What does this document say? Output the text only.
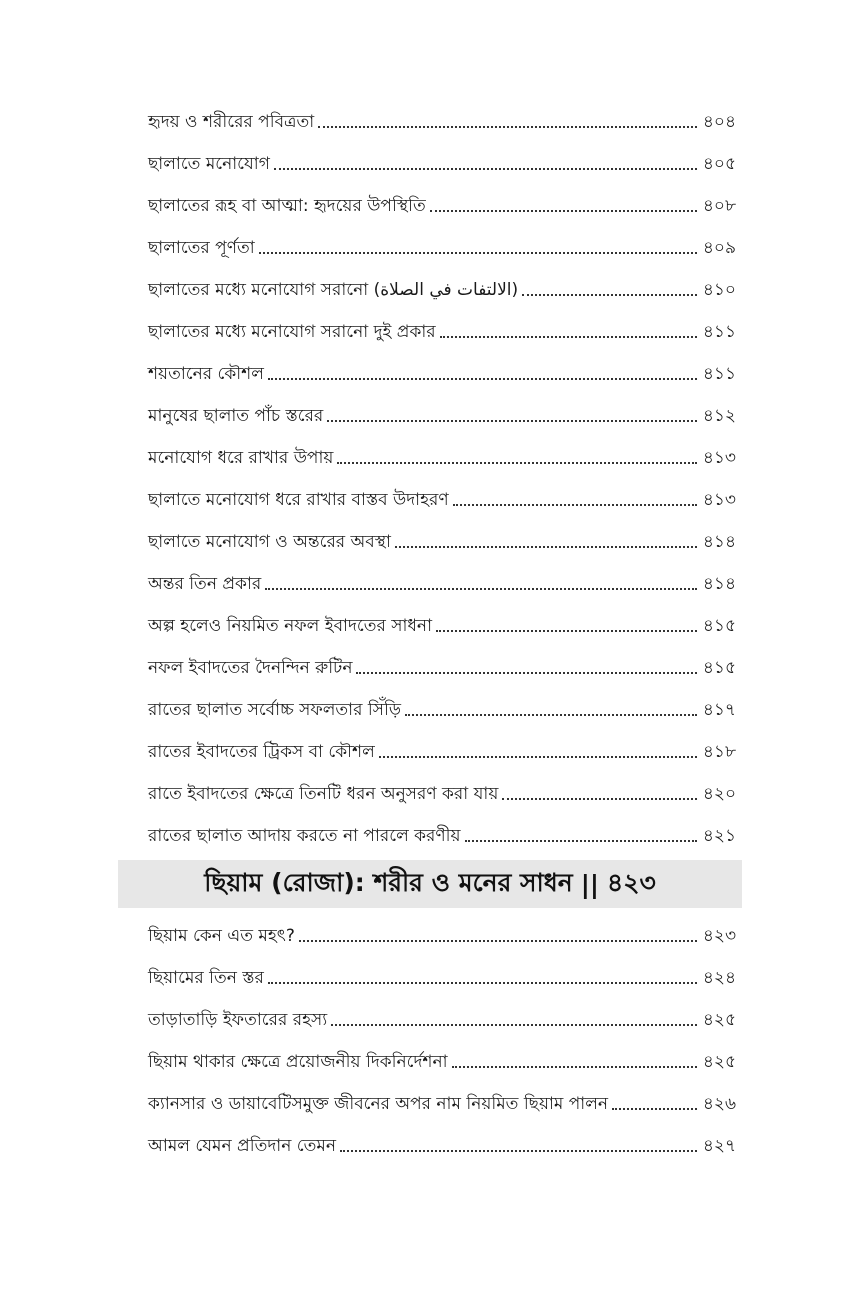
হৃদয় ও শরীরের পবিত্রতা	৪০৪
ছালাতে মনোযোগ	৪০৫
ছালাতের রূহ বা আত্মা: হৃদয়ের উপস্থিতি	৪০৮
ছালাতের পূর্ণতা	৪০৯
ছালাতের মধ্যে মনোযোগ সরানো (الالتفات في الصلاة)	৪১০
ছালাতের মধ্যে মনোযোগ সরানো দুই প্রকার	৪১১
শয়তানের কৌশল	৪১১
মানুষের ছালাত পাঁচ স্তরের	৪১২
মনোযোগ ধরে রাখার উপায়	৪১৩
ছালাতে মনোযোগ ধরে রাখার বাস্তব উদাহরণ	৪১৩
ছালাতে মনোযোগ ও অন্তরের অবস্থা	৪১৪
অন্তর তিন প্রকার	৪১৪
অল্প হলেও নিয়মিত নফল ইবাদতের সাধনা	৪১৫
নফল ইবাদতের দৈনন্দিন রুটিন	৪১৫
রাতের ছালাত সর্বোচ্চ সফলতার সিঁড়ি	৪১৭
রাতের ইবাদতের ট্রিকস বা কৌশল	৪১৮
রাতে ইবাদতের ক্ষেত্রে তিনটি ধরন অনুসরণ করা যায়	৪২০
রাতের ছালাত আদায় করতে না পারলে করণীয়	৪২১
ছিয়াম (রোজা): শরীর ও মনের সাধন || ৪২৩
ছিয়াম কেন এত মহৎ?	৪২৩
ছিয়ামের তিন স্তর	৪২৪
তাড়াতাড়ি ইফতারের রহস্য	৪২৫
ছিয়াম থাকার ক্ষেত্রে প্রয়োজনীয় দিকনির্দেশনা	৪২৫
ক্যানসার ও ডায়াবেটিসমুক্ত জীবনের অপর নাম নিয়মিত ছিয়াম পালন	৪২৬
আমল যেমন প্রতিদান তেমন	৪২৭
